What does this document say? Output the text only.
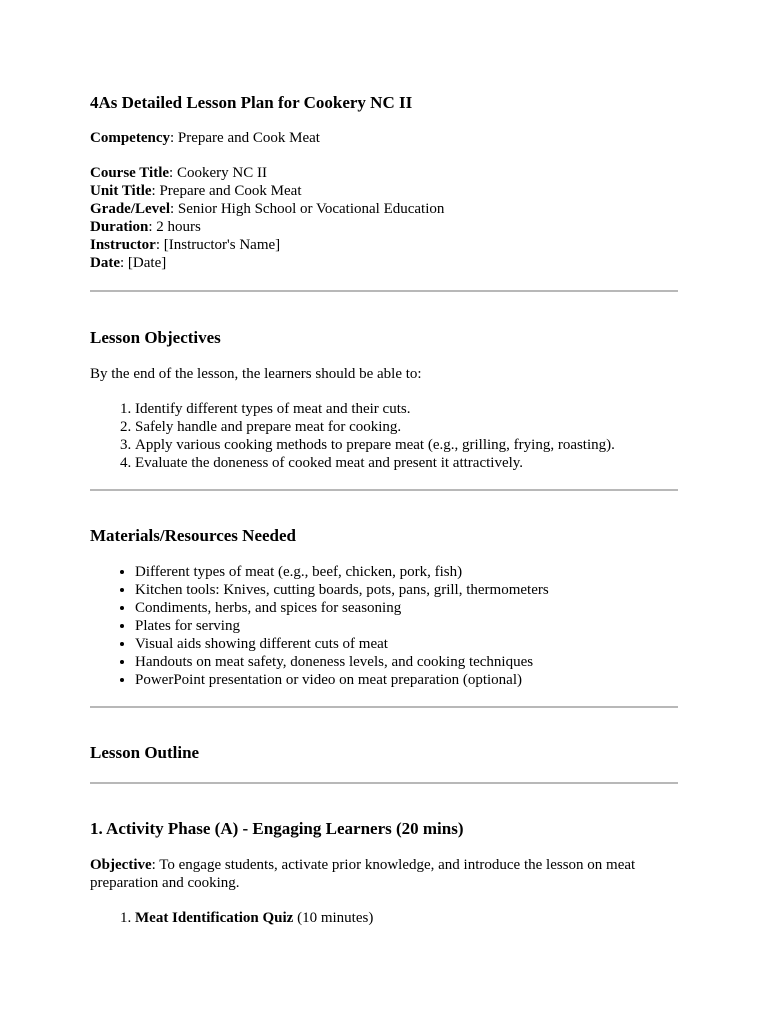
4As Detailed Lesson Plan for Cookery NC II

Competency: Prepare and Cook Meat

Course Title: Cookery NC II
Unit Title: Prepare and Cook Meat
Grade/Level: Senior High School or Vocational Education
Duration: 2 hours
Instructor: [Instructor's Name]
Date: [Date]
Lesson Objectives

By the end of the lesson, the learners should be able to:

1. Identify different types of meat and their cuts.
2. Safely handle and prepare meat for cooking.
3. Apply various cooking methods to prepare meat (e.g., grilling, frying, roasting).
4. Evaluate the doneness of cooked meat and present it attractively.
Materials/Resources Needed
• Different types of meat (e.g., beef, chicken, pork, fish)
• Kitchen tools: Knives, cutting boards, pots, pans, grill, thermometers
• Condiments, herbs, and spices for seasoning
• Plates for serving
• Visual aids showing different cuts of meat
• Handouts on meat safety, doneness levels, and cooking techniques
• PowerPoint presentation or video on meat preparation (optional)
Lesson Outline
1. Activity Phase (A) - Engaging Learners (20 mins)

Objective: To engage students, activate prior knowledge, and introduce the lesson on meat preparation and cooking.

1. Meat Identification Quiz (10 minutes)
